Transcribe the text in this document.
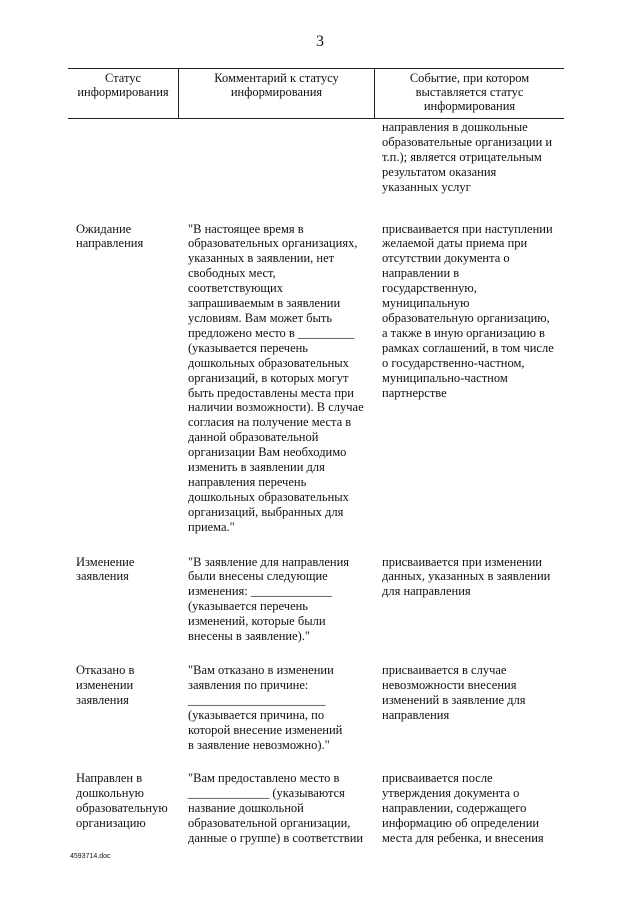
3
Статус
информирования
Комментарий к статусу
информирования
Событие, при котором
выставляется статус
информирования
направления в дошкольные
образовательные организации и
т.п.); является отрицательным
результатом оказания
указанных услуг
Ожидание
направления
"В настоящее время в
образовательных организациях,
указанных в заявлении, нет
свободных мест,
соответствующих
запрашиваемым в заявлении
условиям. Вам может быть
предложено место в _________
(указывается перечень
дошкольных образовательных
организаций, в которых могут
быть предоставлены места при
наличии возможности). В случае
согласия на получение места в
данной образовательной
организации Вам необходимо
изменить в заявлении для
направления перечень
дошкольных образовательных
организаций, выбранных для
приема."
присваивается при наступлении
желаемой даты приема при
отсутствии документа о
направлении в
государственную,
муниципальную
образовательную организацию,
а также в иную организацию в
рамках соглашений, в том числе
о государственно-частном,
муниципально-частном
партнерстве
Изменение
заявления
"В заявление для направления
были внесены следующие
изменения: _____________
(указывается перечень
изменений, которые были
внесены в заявление)."
присваивается при изменении
данных, указанных в заявлении
для направления
Отказано в
изменении
заявления
"Вам отказано в изменении
заявления по причине:
______________________
(указывается причина, по
которой внесение изменений
в заявление невозможно)."
присваивается в случае
невозможности внесения
изменений в заявление для
направления
Направлен в
дошкольную
образовательную
организацию
"Вам предоставлено место в
_____________ (указываются
название дошкольной
образовательной организации,
данные о группе) в соответствии
присваивается после
утверждения документа о
направлении, содержащего
информацию об определении
места для ребенка, и внесения
4593714.doc
